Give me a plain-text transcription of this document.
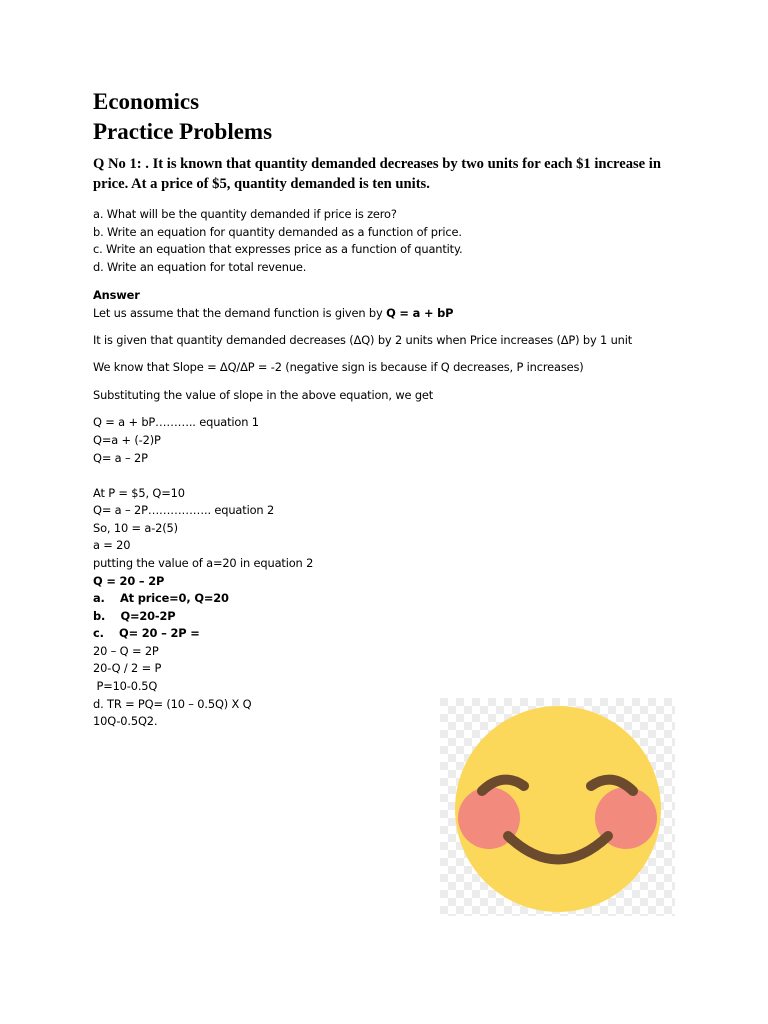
Economics
Practice Problems

Q No 1: . It is known that quantity demanded decreases by two units for each $1 increase in price. At a price of $5, quantity demanded is ten units.

a. What will be the quantity demanded if price is zero?
b. Write an equation for quantity demanded as a function of price.
c. Write an equation that expresses price as a function of quantity.
d. Write an equation for total revenue.
Answer
Let us assume that the demand function is given by Q = a + bP
It is given that quantity demanded decreases (ΔQ) by 2 units when Price increases (ΔP) by 1 unit
We know that Slope = ΔQ/ΔP = -2 (negative sign is because if Q decreases, P increases)
Substituting the value of slope in the above equation, we get
Q = a + bP……….. equation 1
Q=a + (-2)P
Q= a – 2P
At P = $5, Q=10
Q= a – 2P…………….. equation 2
So, 10 = a-2(5)
a = 20
putting the value of a=20 in equation 2
Q = 20 – 2P
a.    At price=0, Q=20
b.    Q=20-2P
c.    Q= 20 – 2P =
20 – Q = 2P
20-Q / 2 = P
P=10-0.5Q
d. TR = PQ= (10 – 0.5Q) X Q
10Q-0.5Q2.
